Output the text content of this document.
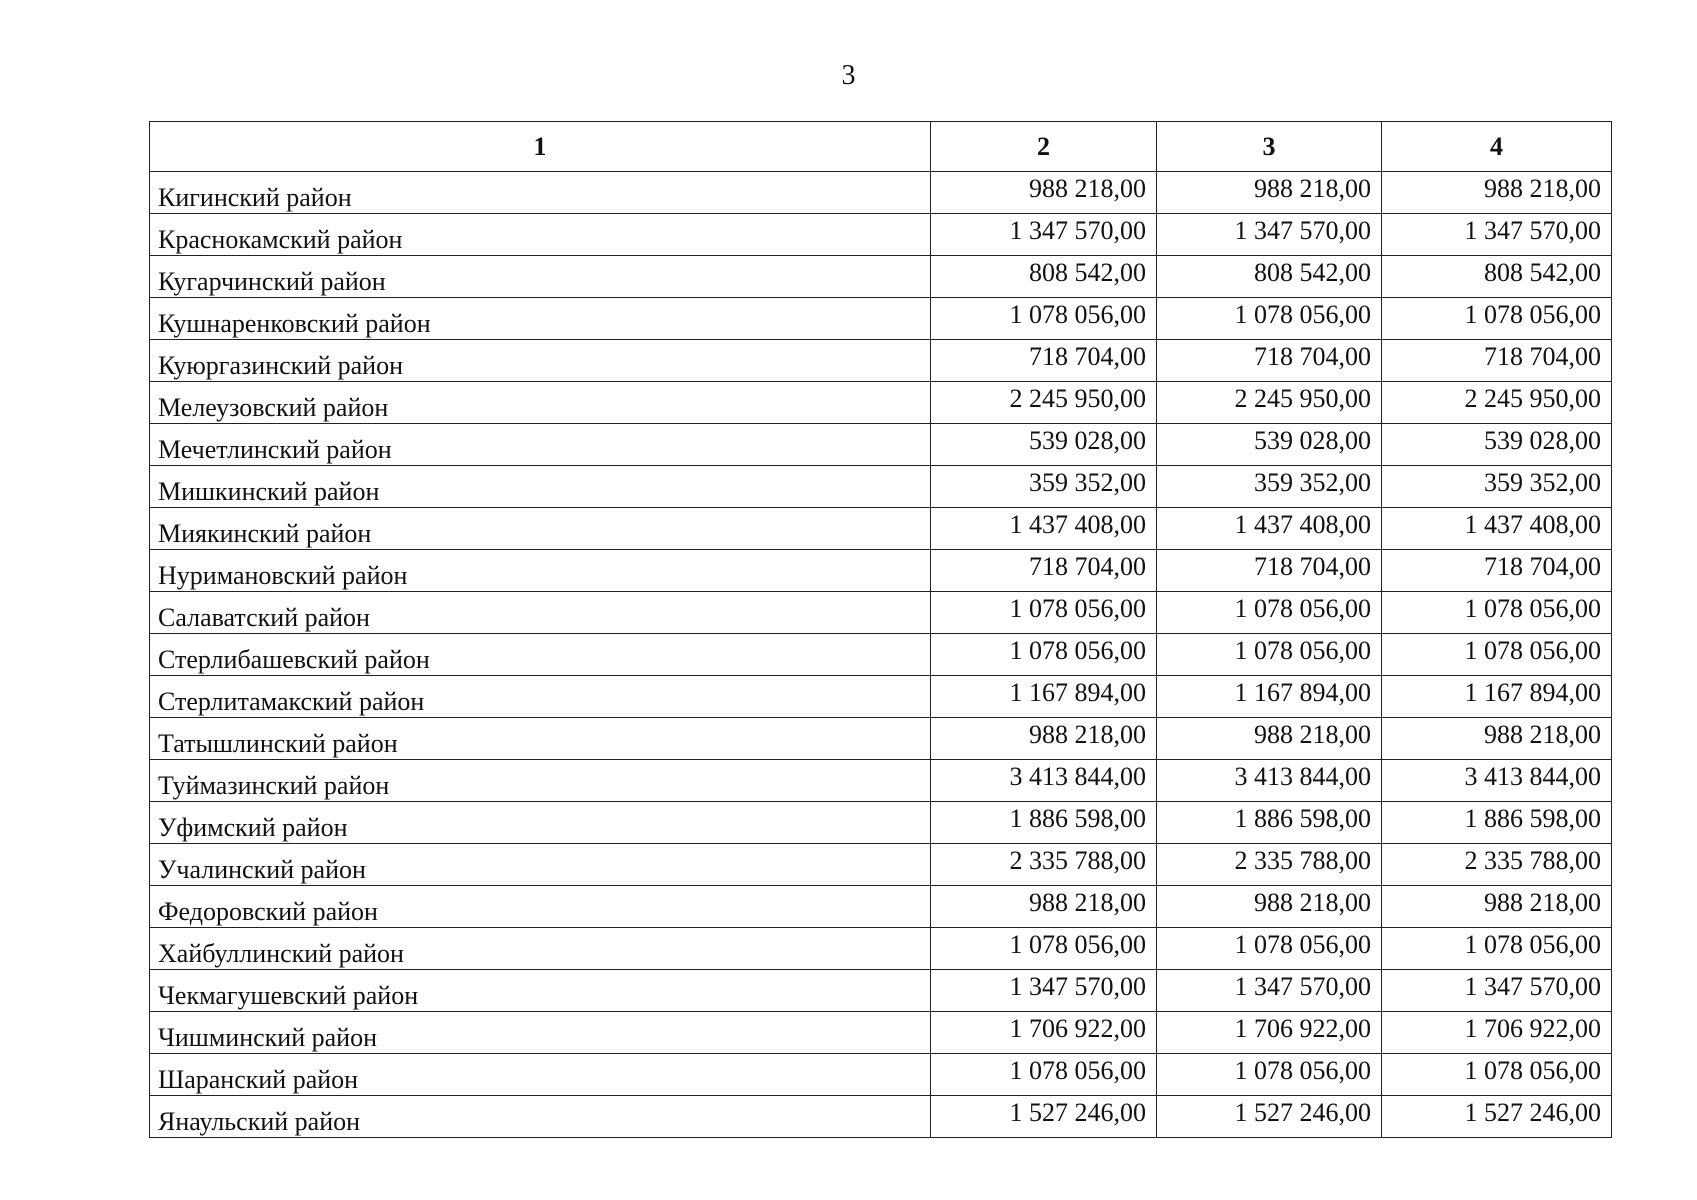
3
1	2	3	4
Кигинский район	988 218,00	988 218,00	988 218,00
Краснокамский район	1 347 570,00	1 347 570,00	1 347 570,00
Кугарчинский район	808 542,00	808 542,00	808 542,00
Кушнаренковский район	1 078 056,00	1 078 056,00	1 078 056,00
Куюргазинский район	718 704,00	718 704,00	718 704,00
Мелеузовский район	2 245 950,00	2 245 950,00	2 245 950,00
Мечетлинский район	539 028,00	539 028,00	539 028,00
Мишкинский район	359 352,00	359 352,00	359 352,00
Миякинский район	1 437 408,00	1 437 408,00	1 437 408,00
Нуримановский район	718 704,00	718 704,00	718 704,00
Салаватский район	1 078 056,00	1 078 056,00	1 078 056,00
Стерлибашевский район	1 078 056,00	1 078 056,00	1 078 056,00
Стерлитамакский район	1 167 894,00	1 167 894,00	1 167 894,00
Татышлинский район	988 218,00	988 218,00	988 218,00
Туймазинский район	3 413 844,00	3 413 844,00	3 413 844,00
Уфимский район	1 886 598,00	1 886 598,00	1 886 598,00
Учалинский район	2 335 788,00	2 335 788,00	2 335 788,00
Федоровский район	988 218,00	988 218,00	988 218,00
Хайбуллинский район	1 078 056,00	1 078 056,00	1 078 056,00
Чекмагушевский район	1 347 570,00	1 347 570,00	1 347 570,00
Чишминский район	1 706 922,00	1 706 922,00	1 706 922,00
Шаранский район	1 078 056,00	1 078 056,00	1 078 056,00
Янаульский район	1 527 246,00	1 527 246,00	1 527 246,00
